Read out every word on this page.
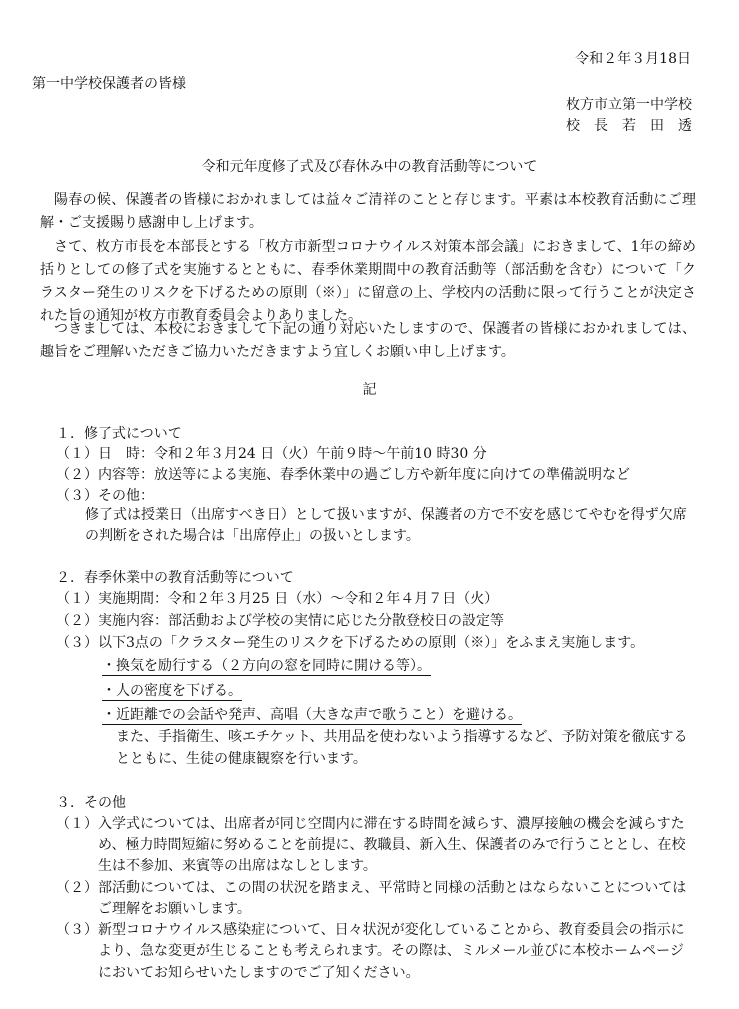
令和２年３月18日
第一中学校保護者の皆様
枚方市立第一中学校
校　長　若　田　透
令和元年度修了式及び春休み中の教育活動等について
陽春の候、保護者の皆様におかれましては益々ご清祥のことと存じます。平素は本校教育活動にご理解・ご支援賜り感謝申し上げます。
さて、枚方市長を本部長とする「枚方市新型コロナウイルス対策本部会議」におきまして、1年の締め括りとしての修了式を実施するとともに、春季休業期間中の教育活動等（部活動を含む）について「クラスター発生のリスクを下げるための原則（※）」に留意の上、学校内の活動に限って行うことが決定された旨の通知が枚方市教育委員会よりありました。
つきましては、本校におきまして下記の通り対応いたしますので、保護者の皆様におかれましては、趣旨をご理解いただきご協力いただきますよう宜しくお願い申し上げます。
記
１．修了式について
（１）日　時：令和２年３月24 日（火）午前９時～午前10 時30 分
（２）内容等：放送等による実施、春季休業中の過ごし方や新年度に向けての準備説明など
（３）その他：
修了式は授業日（出席すべき日）として扱いますが、保護者の方で不安を感じてやむを得ず欠席
の判断をされた場合は「出席停止」の扱いとします。
２．春季休業中の教育活動等について
（１）実施期間：令和２年３月25 日（水）～令和２年４月７日（火）
（２）実施内容：部活動および学校の実情に応じた分散登校日の設定等
（３）以下3点の「クラスター発生のリスクを下げるための原則（※）」をふまえ実施します。
・換気を励行する（２方向の窓を同時に開ける等）。
・人の密度を下げる。
・近距離での会話や発声、高唱（大きな声で歌うこと）を避ける。
また、手指衛生、咳エチケット、共用品を使わないよう指導するなど、予防対策を徹底する
とともに、生徒の健康観察を行います。
３．その他
（１） 入学式については、出席者が同じ空間内に滞在する時間を減らす、濃厚接触の機会を減らすた
め、極力時間短縮に努めることを前提に、教職員、新入生、保護者のみで行うこととし、在校
生は不参加、来賓等の出席はなしとします。
（２） 部活動については、この間の状況を踏まえ、平常時と同様の活動とはならないことについては
ご理解をお願いします。
（３） 新型コロナウイルス感染症について、日々状況が変化していることから、教育委員会の指示に
より、急な変更が生じることも考えられます。その際は、ミルメール並びに本校ホームページ
においてお知らせいたしますのでご了知ください。
